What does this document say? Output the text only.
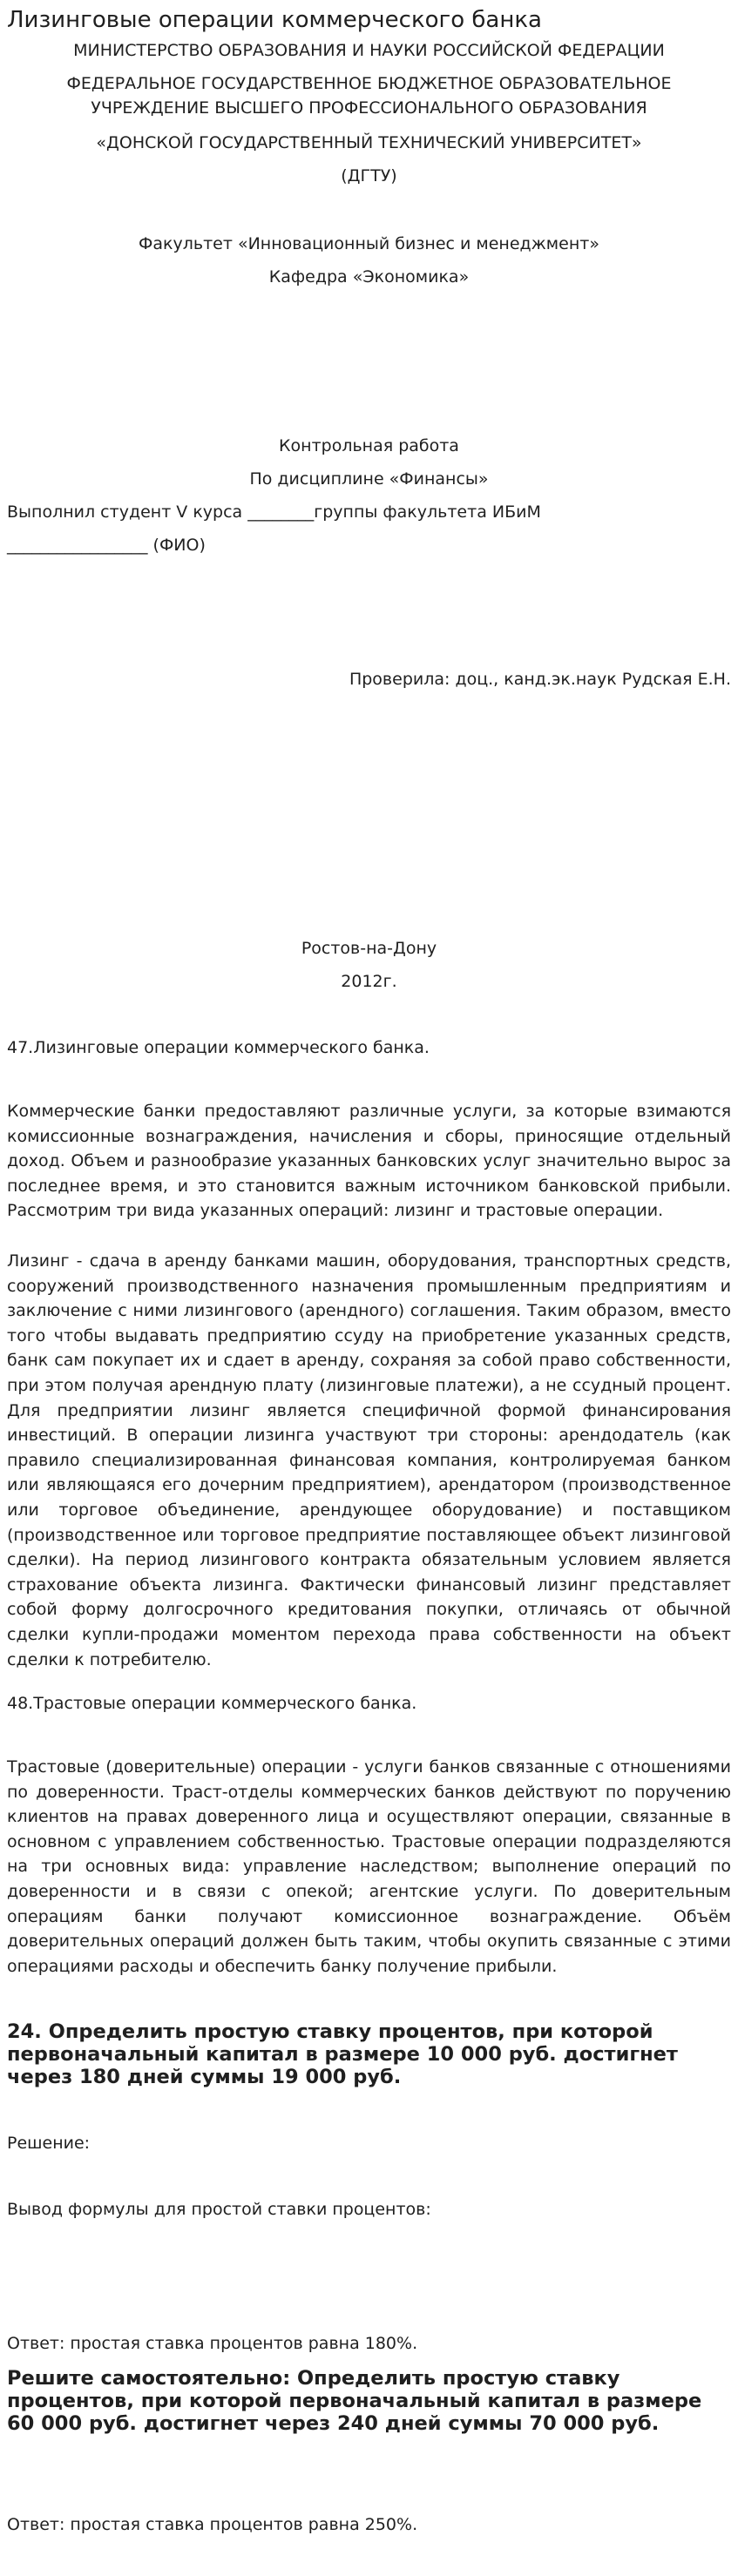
Лизинговые операции коммерческого банка
МИНИСТЕРСТВО ОБРАЗОВАНИЯ И НАУКИ РОССИЙСКОЙ ФЕДЕРАЦИИ
ФЕДЕРАЛЬНОЕ ГОСУДАРСТВЕННОЕ БЮДЖЕТНОЕ ОБРАЗОВАТЕЛЬНОЕ
УЧРЕЖДЕНИЕ ВЫСШЕГО ПРОФЕССИОНАЛЬНОГО ОБРАЗОВАНИЯ
«ДОНСКОЙ ГОСУДАРСТВЕННЫЙ ТЕХНИЧЕСКИЙ УНИВЕРСИТЕТ»
(ДГТУ)
Факультет «Инновационный бизнес и менеджмент»
Кафедра «Экономика»
Контрольная работа
По дисциплине «Финансы»
Выполнил студент V курса ________группы факультета ИБиМ
_________________ (ФИО)
Проверила: доц., канд.эк.наук Рудская Е.Н.
Ростов-на-Дону
2012г.
47.Лизинговые операции коммерческого банка.

Коммерческие банки предоставляют различные услуги, за которые взимаются комиссионные вознаграждения, начисления и сборы, приносящие отдельный доход. Объем и разнообразие указанных банковских услуг значительно вырос за последнее время, и это становится важным источником банковской прибыли. Рассмотрим три вида указанных операций: лизинг и трастовые операции.

Лизинг - сдача в аренду банками машин, оборудования, транспортных средств, сооружений производственного назначения промышленным предприятиям и заключение с ними лизингового (арендного) соглашения. Таким образом, вместо того чтобы выдавать предприятию ссуду на приобретение указанных средств, банк сам покупает их и сдает в аренду, сохраняя за собой право собственности, при этом получая арендную плату (лизинговые платежи), а не ссудный процент. Для предприятии лизинг является специфичной формой финансирования инвестиций. В операции лизинга участвуют три стороны: арендодатель (как правило специализированная финансовая компания, контролируемая банком или являющаяся его дочерним предприятием), арендатором (производственное или торговое объединение, арендующее оборудование) и поставщиком (производственное или торговое предприятие поставляющее объект лизинговой сделки). На период лизингового контракта обязательным условием является страхование объекта лизинга. Фактически финансовый лизинг представляет собой форму долгосрочного кредитования покупки, отличаясь от обычной сделки купли-продажи моментом перехода права собственности на объект сделки к потребителю.

48.Трастовые операции коммерческого банка.

Трастовые (доверительные) операции - услуги банков связанные с отношениями по доверенности. Траст-отделы коммерческих банков действуют по поручению клиентов на правах доверенного лица и осуществляют операции, связанные в основном с управлением собственностью. Трастовые операции подразделяются на три основных вида: управление наследством; выполнение операций по доверенности и в связи с опекой; агентские услуги. По доверительным операциям банки получают комиссионное вознаграждение. Объём доверительных операций должен быть таким, чтобы окупить связанные с этими операциями расходы и обеспечить банку получение прибыли.

24. Определить простую ставку процентов, при которой первоначальный капитал в размере 10 000 руб. достигнет через 180 дней суммы 19 000 руб.
Решение:
Вывод формулы для простой ставки процентов:
Ответ: простая ставка процентов равна 180%.
Решите самостоятельно: Определить простую ставку процентов, при которой первоначальный капитал в размере 60 000 руб. достигнет через 240 дней суммы 70 000 руб.
Ответ: простая ставка процентов равна 250%.
